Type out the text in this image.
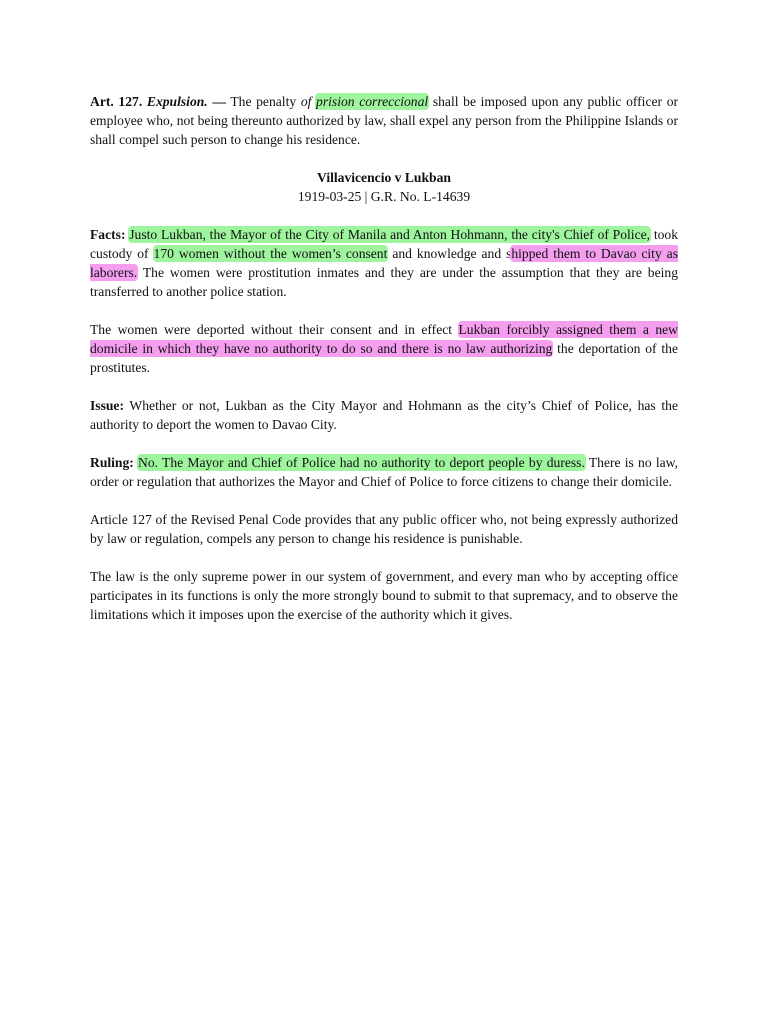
Art. 127. Expulsion. — The penalty of prision correccional shall be imposed upon any public officer or employee who, not being thereunto authorized by law, shall expel any person from the Philippine Islands or shall compel such person to change his residence.

Villavicencio v Lukban

1919-03-25 | G.R. No. L-14639

Facts: Justo Lukban, the Mayor of the City of Manila and Anton Hohmann, the city's Chief of Police, took custody of 170 women without the women’s consent and knowledge and shipped them to Davao city as laborers. The women were prostitution inmates and they are under the assumption that they are being transferred to another police station.

The women were deported without their consent and in effect Lukban forcibly assigned them a new domicile in which they have no authority to do so and there is no law authorizing the deportation of the prostitutes.

Issue: Whether or not, Lukban as the City Mayor and Hohmann as the city’s Chief of Police, has the authority to deport the women to Davao City.

Ruling: No. The Mayor and Chief of Police had no authority to deport people by duress. There is no law, order or regulation that authorizes the Mayor and Chief of Police to force citizens to change their domicile.

Article 127 of the Revised Penal Code provides that any public officer who, not being expressly authorized by law or regulation, compels any person to change his residence is punishable.

The law is the only supreme power in our system of government, and every man who by accepting office participates in its functions is only the more strongly bound to submit to that supremacy, and to observe the limitations which it imposes upon the exercise of the authority which it gives.
